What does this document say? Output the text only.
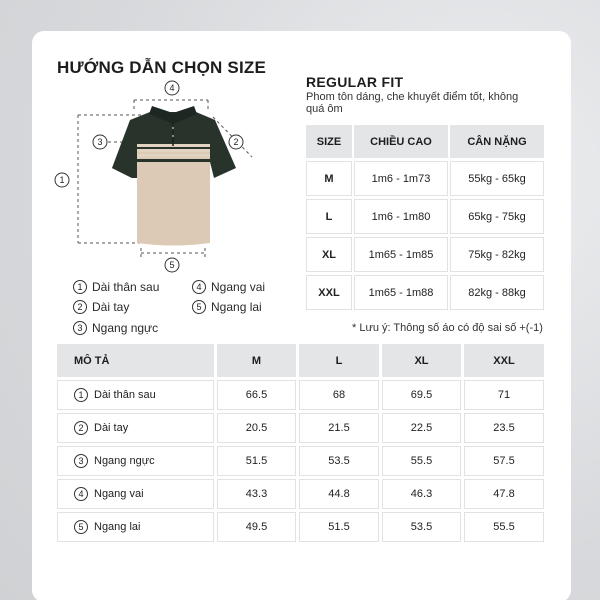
HƯỚNG DẪN CHỌN SIZE
4
3	2
1
5
1 Dài thân sau	4 Ngang vai
2 Dài tay	5 Ngang lai
3 Ngang ngực
REGULAR FIT
Phom tôn dáng, che khuyết điểm tốt, không quá ôm
SIZE	CHIỀU CAO	CÂN NẶNG
M	1m6 - 1m73	55kg - 65kg
L	1m6 - 1m80	65kg - 75kg
XL	1m65 - 1m85	75kg - 82kg
XXL	1m65 - 1m88	82kg - 88kg
* Lưu ý: Thông số áo có độ sai số +(-1)
MÔ TẢ	M	L	XL	XXL
1 Dài thân sau	66.5	68	69.5	71
2 Dài tay	20.5	21.5	22.5	23.5
3 Ngang ngực	51.5	53.5	55.5	57.5
4 Ngang vai	43.3	44.8	46.3	47.8
5 Ngang lai	49.5	51.5	53.5	55.5
